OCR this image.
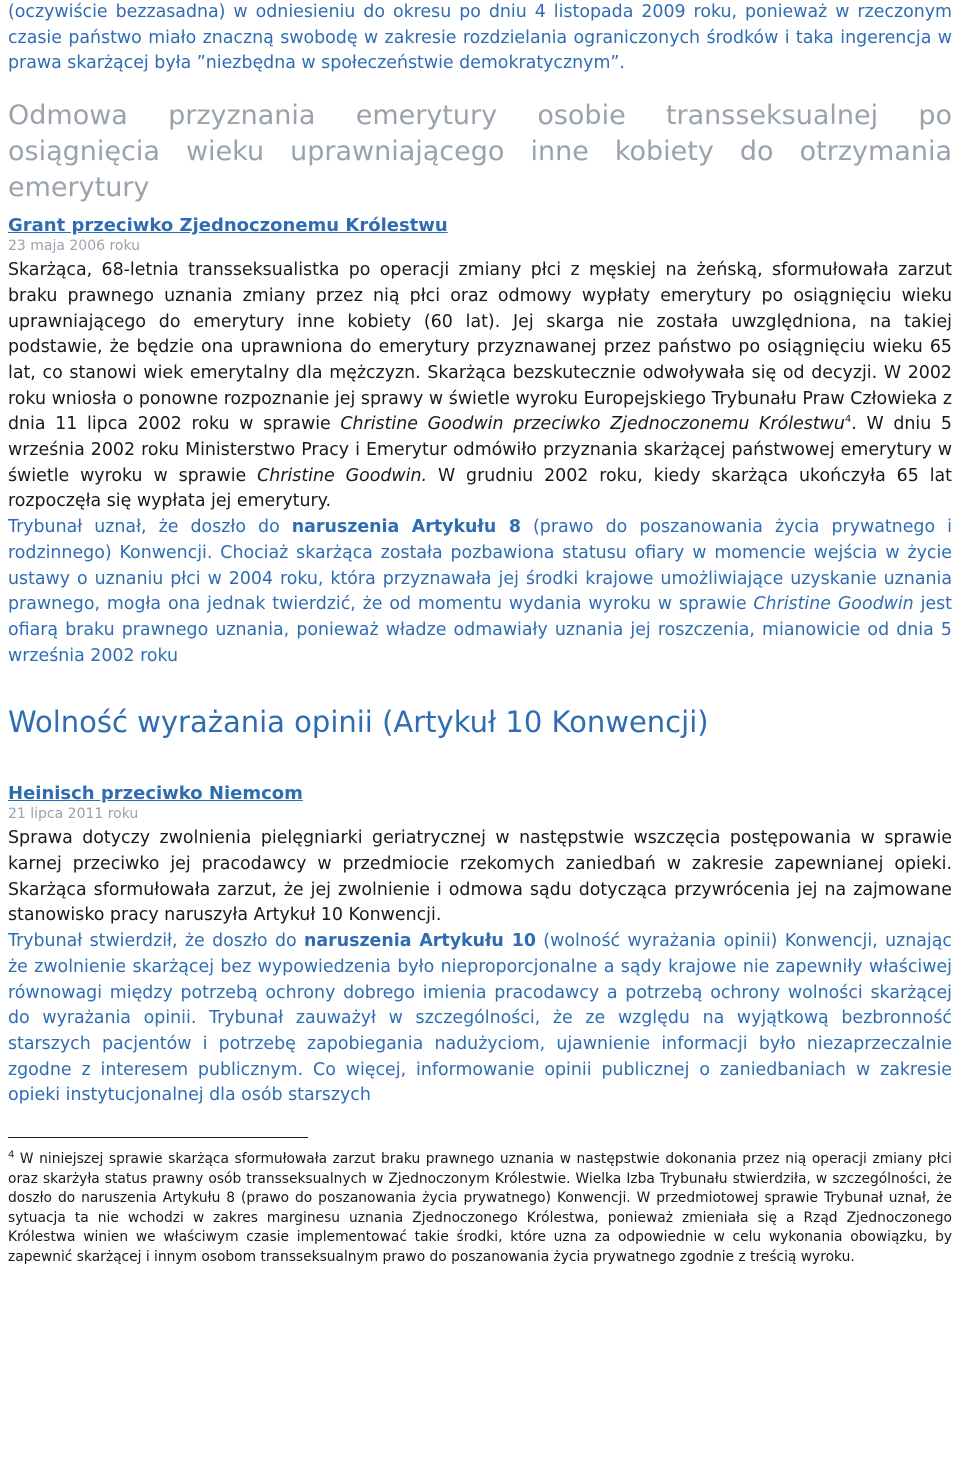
(oczywiście bezzasadna) w odniesieniu do okresu po dniu 4 listopada 2009 roku, ponieważ w rzeczonym czasie państwo miało znaczną swobodę w zakresie rozdzielania ograniczonych środków i taka ingerencja w prawa skarżącej była ”niezbędna w społeczeństwie demokratycznym”.

Odmowa przyznania emerytury osobie transseksualnej po osiągnięcia wieku uprawniającego inne kobiety do otrzymania emerytury
Grant przeciwko Zjednoczonemu Królestwu
23 maja 2006 roku

Skarżąca, 68-letnia transseksualistka po operacji zmiany płci z męskiej na żeńską, sformułowała zarzut braku prawnego uznania zmiany przez nią płci oraz odmowy wypłaty emerytury po osiągnięciu wieku uprawniającego do emerytury inne kobiety (60 lat). Jej skarga nie została uwzględniona, na takiej podstawie, że będzie ona uprawniona do emerytury przyznawanej przez państwo po osiągnięciu wieku 65 lat, co stanowi wiek emerytalny dla mężczyzn. Skarżąca bezskutecznie odwoływała się od decyzji. W 2002 roku wniosła o ponowne rozpoznanie jej sprawy w świetle wyroku Europejskiego Trybunału Praw Człowieka z dnia 11 lipca 2002 roku w sprawie Christine Goodwin przeciwko Zjednoczonemu Królestwu$^4$. W dniu 5 września 2002 roku Ministerstwo Pracy i Emerytur odmówiło przyznania skarżącej państwowej emerytury w świetle wyroku w sprawie Christine Goodwin. W grudniu 2002 roku, kiedy skarżąca ukończyła 65 lat rozpoczęła się wypłata jej emerytury.

Trybunał uznał, że doszło do naruszenia Artykułu 8 (prawo do poszanowania życia prywatnego i rodzinnego) Konwencji. Chociaż skarżąca została pozbawiona statusu ofiary w momencie wejścia w życie ustawy o uznaniu płci w 2004 roku, która przyznawała jej środki krajowe umożliwiające uzyskanie uznania prawnego, mogła ona jednak twierdzić, że od momentu wydania wyroku w sprawie Christine Goodwin jest ofiarą braku prawnego uznania, ponieważ władze odmawiały uznania jej roszczenia, mianowicie od dnia 5 września 2002 roku

Wolność wyrażania opinii (Artykuł 10 Konwencji)
Heinisch przeciwko Niemcom
21 lipca 2011 roku

Sprawa dotyczy zwolnienia pielęgniarki geriatrycznej w następstwie wszczęcia postępowania w sprawie karnej przeciwko jej pracodawcy w przedmiocie rzekomych zaniedbań w zakresie zapewnianej opieki. Skarżąca sformułowała zarzut, że jej zwolnienie i odmowa sądu dotycząca przywrócenia jej na zajmowane stanowisko pracy naruszyła Artykuł 10 Konwencji.

Trybunał stwierdził, że doszło do naruszenia Artykułu 10 (wolność wyrażania opinii) Konwencji, uznając że zwolnienie skarżącej bez wypowiedzenia było nieproporcjonalne a sądy krajowe nie zapewniły właściwej równowagi między potrzebą ochrony dobrego imienia pracodawcy a potrzebą ochrony wolności skarżącej do wyrażania opinii. Trybunał zauważył w szczególności, że ze względu na wyjątkową bezbronność starszych pacjentów i potrzebę zapobiegania nadużyciom, ujawnienie informacji było niezaprzeczalnie zgodne z interesem publicznym. Co więcej, informowanie opinii publicznej o zaniedbaniach w zakresie opieki instytucjonalnej dla osób starszych

$^4$ W niniejszej sprawie skarżąca sformułowała zarzut braku prawnego uznania w następstwie dokonania przez nią operacji zmiany płci oraz skarżyła status prawny osób transseksualnych w Zjednoczonym Królestwie. Wielka Izba Trybunału stwierdziła, w szczególności, że doszło do naruszenia Artykułu 8 (prawo do poszanowania życia prywatnego) Konwencji. W przedmiotowej sprawie Trybunał uznał, że sytuacja ta nie wchodzi w zakres marginesu uznania Zjednoczonego Królestwa, ponieważ zmieniała się a Rząd Zjednoczonego Królestwa winien we właściwym czasie implementować takie środki, które uzna za odpowiednie w celu wykonania obowiązku, by zapewnić skarżącej i innym osobom transseksualnym prawo do poszanowania życia prywatnego zgodnie z treścią wyroku.
